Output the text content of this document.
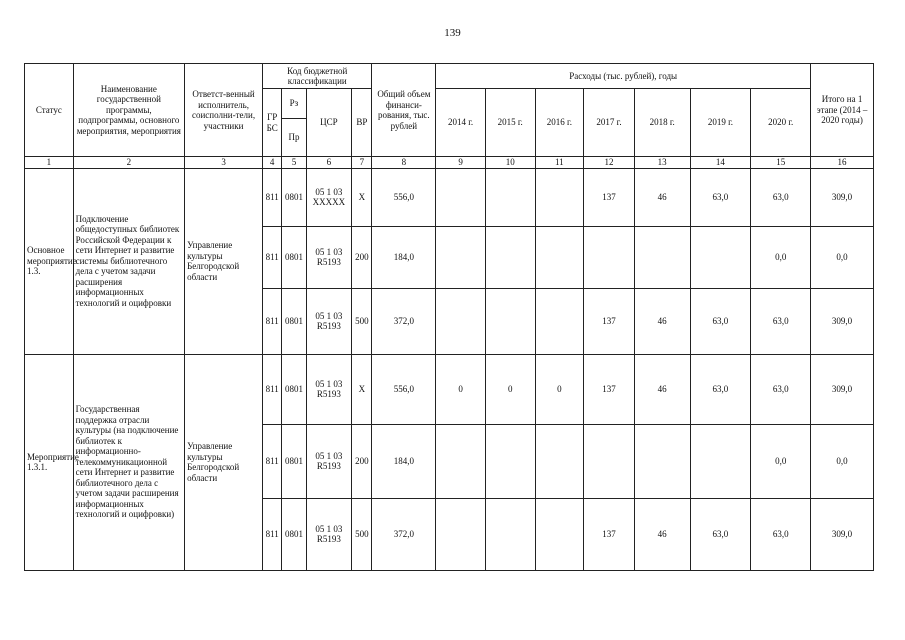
139
Статус	Наименование государственной программы, подпрограммы, основного мероприятия, мероприятия	Ответст-венный исполнитель, соисполни-тели, участники	Код бюджетной классификации				Общий объем финанси-рования, тыс. рублей	Расходы (тыс. рублей), годы							Итого на 1 этапе (2014 – 2020 годы)
			ГР БС	Рз	ЦСР	ВР		2014 г.	2015 г.	2016 г.	2017 г.	2018 г.	2019 г.	2020 г.	
				Пр											
1	2	3	4	5	6	7	8	9	10	11	12	13	14	15	16
Основное мероприятие 1.3.	Подключение общедоступных библиотек Российской Федерации к сети Интернет и развитие системы библиотечного дела с учетом задачи расширения информационных технологий и оцифровки	Управление культуры Белгородской области	811	0801	05 1 03 XXXXX	X	556,0				137	46	63,0	63,0	309,0
			811	0801	05 1 03 R5193	200	184,0							0,0	0,0
			811	0801	05 1 03 R5193	500	372,0				137	46	63,0	63,0	309,0
Мероприятие 1.3.1.	Государственная поддержка отрасли культуры (на подключение библиотек к информационно-телекоммуникационной сети Интернет и развитие библиотечного дела с учетом задачи расширения информационных технологий и оцифровки)	Управление культуры Белгородской области	811	0801	05 1 03 R5193	X	556,0	0	0	0	137	46	63,0	63,0	309,0
			811	0801	05 1 03 R5193	200	184,0							0,0	0,0
			811	0801	05 1 03 R5193	500	372,0				137	46	63,0	63,0	309,0
